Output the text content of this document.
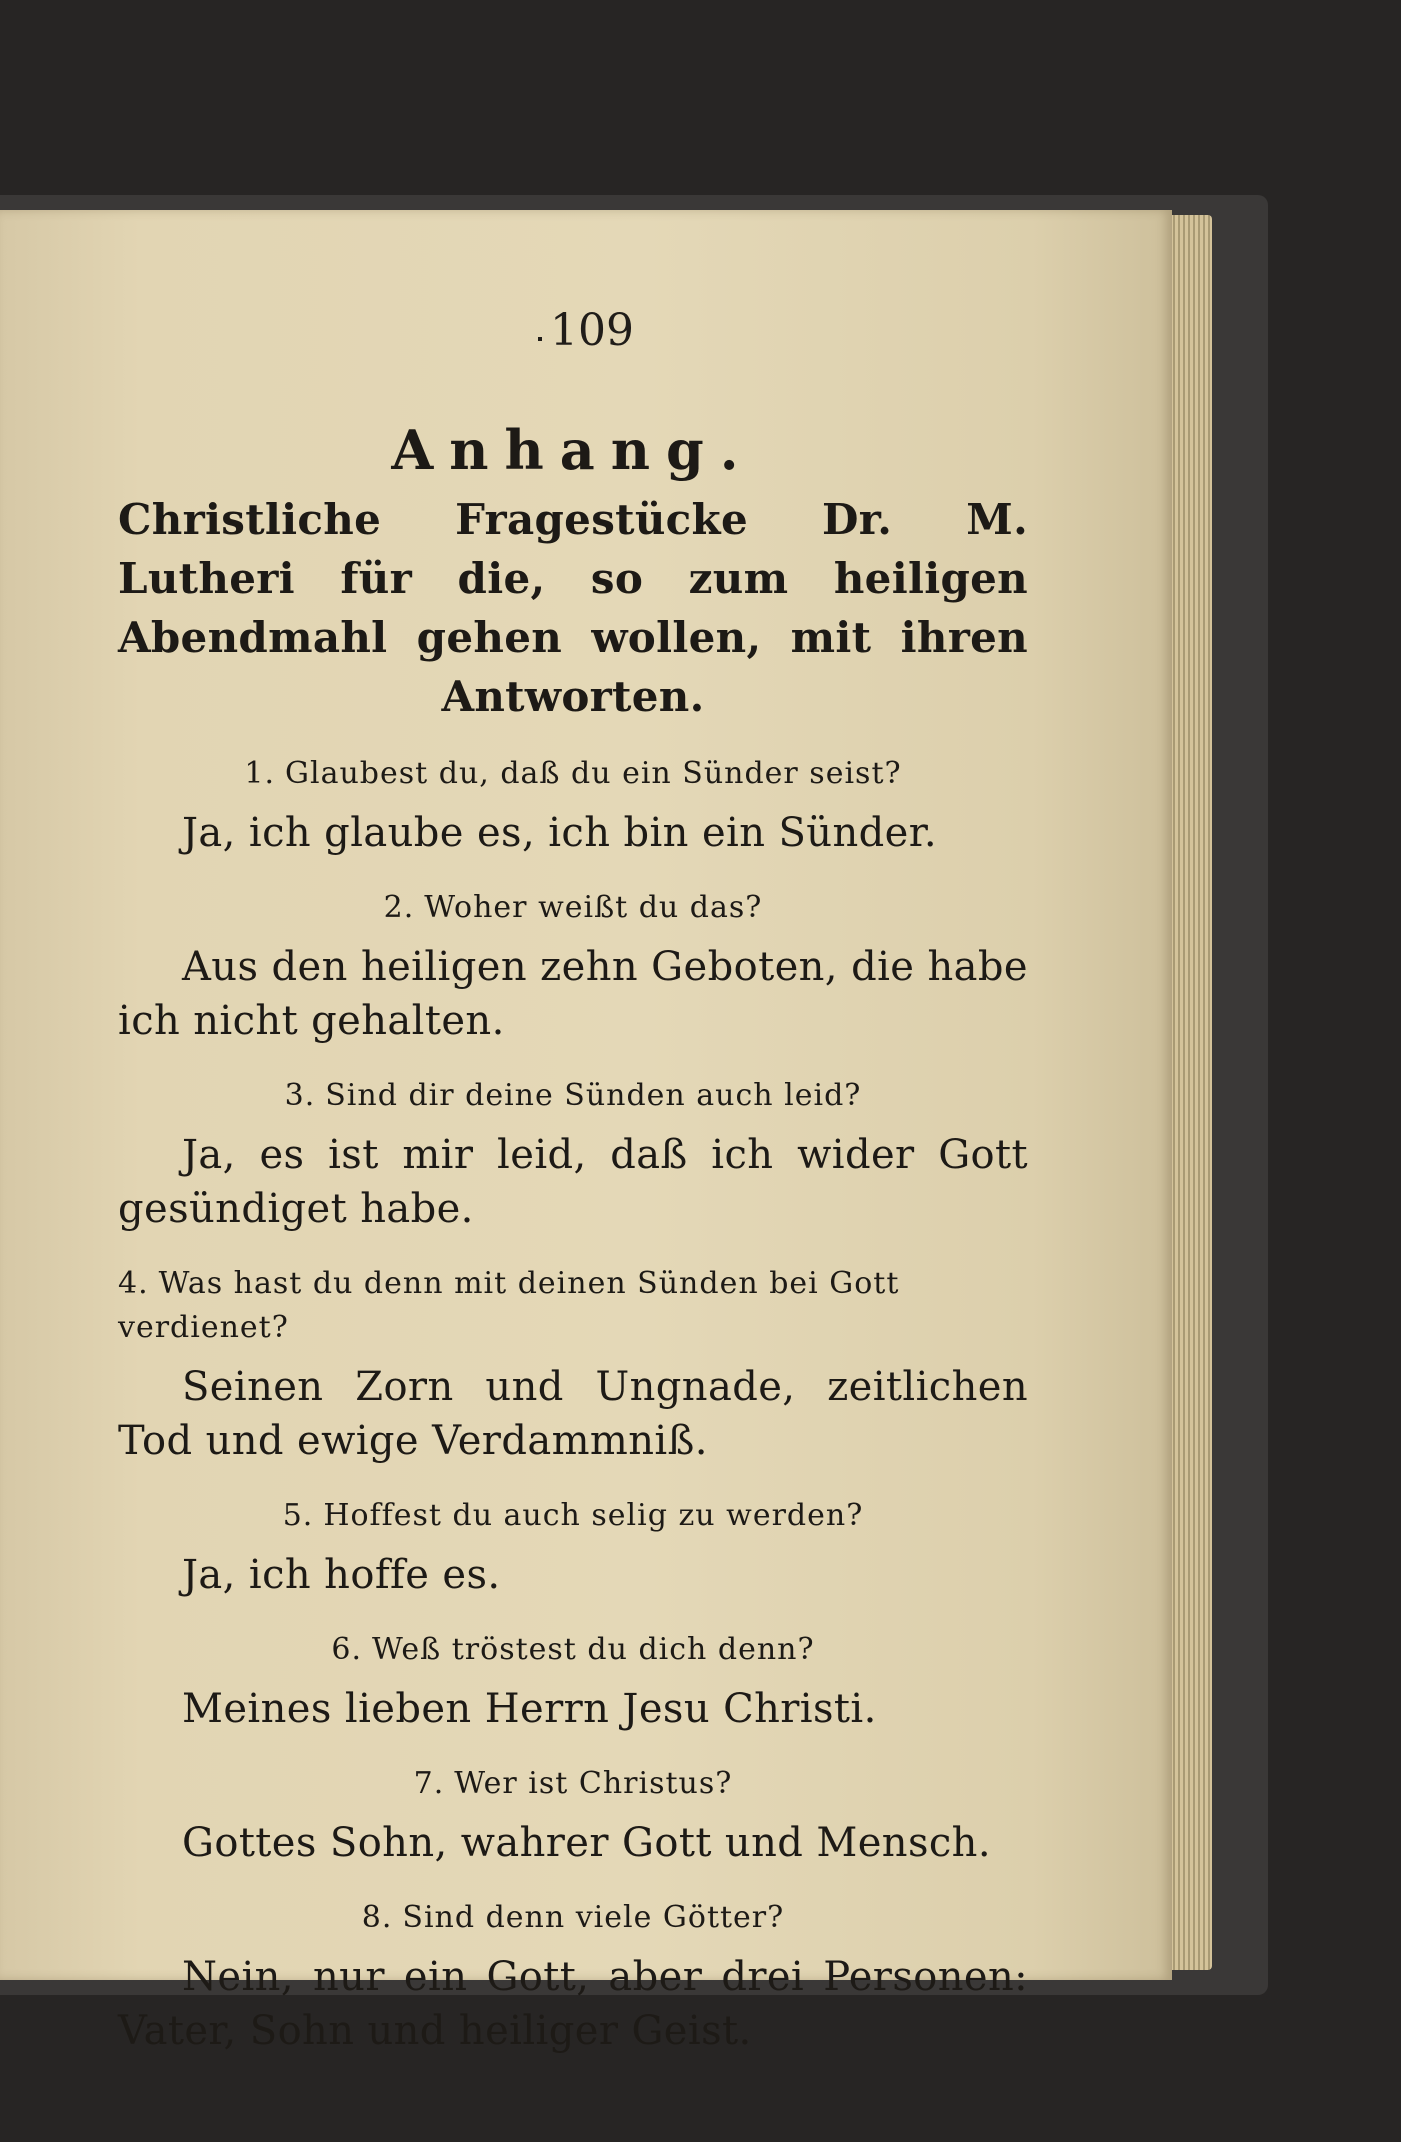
109

Anhang.

Christliche Fragestücke Dr. M. Lutheri für die, so zum heiligen Abendmahl gehen wollen, mit ihren Antworten.

1. Glaubest du, daß du ein Sünder seist?

Ja, ich glaube es, ich bin ein Sünder.

2. Woher weißt du das?

Aus den heiligen zehn Geboten, die habe ich nicht gehalten.

3. Sind dir deine Sünden auch leid?

Ja, es ist mir leid, daß ich wider Gott gesündiget habe.

4. Was hast du denn mit deinen Sünden bei Gott verdienet?

Seinen Zorn und Ungnade, zeitlichen Tod und ewige Verdammniß.

5. Hoffest du auch selig zu werden?

Ja, ich hoffe es.

6. Weß tröstest du dich denn?

Meines lieben Herrn Jesu Christi.

7. Wer ist Christus?

Gottes Sohn, wahrer Gott und Mensch.

8. Sind denn viele Götter?

Nein, nur ein Gott, aber drei Personen: Vater, Sohn und heiliger Geist.
